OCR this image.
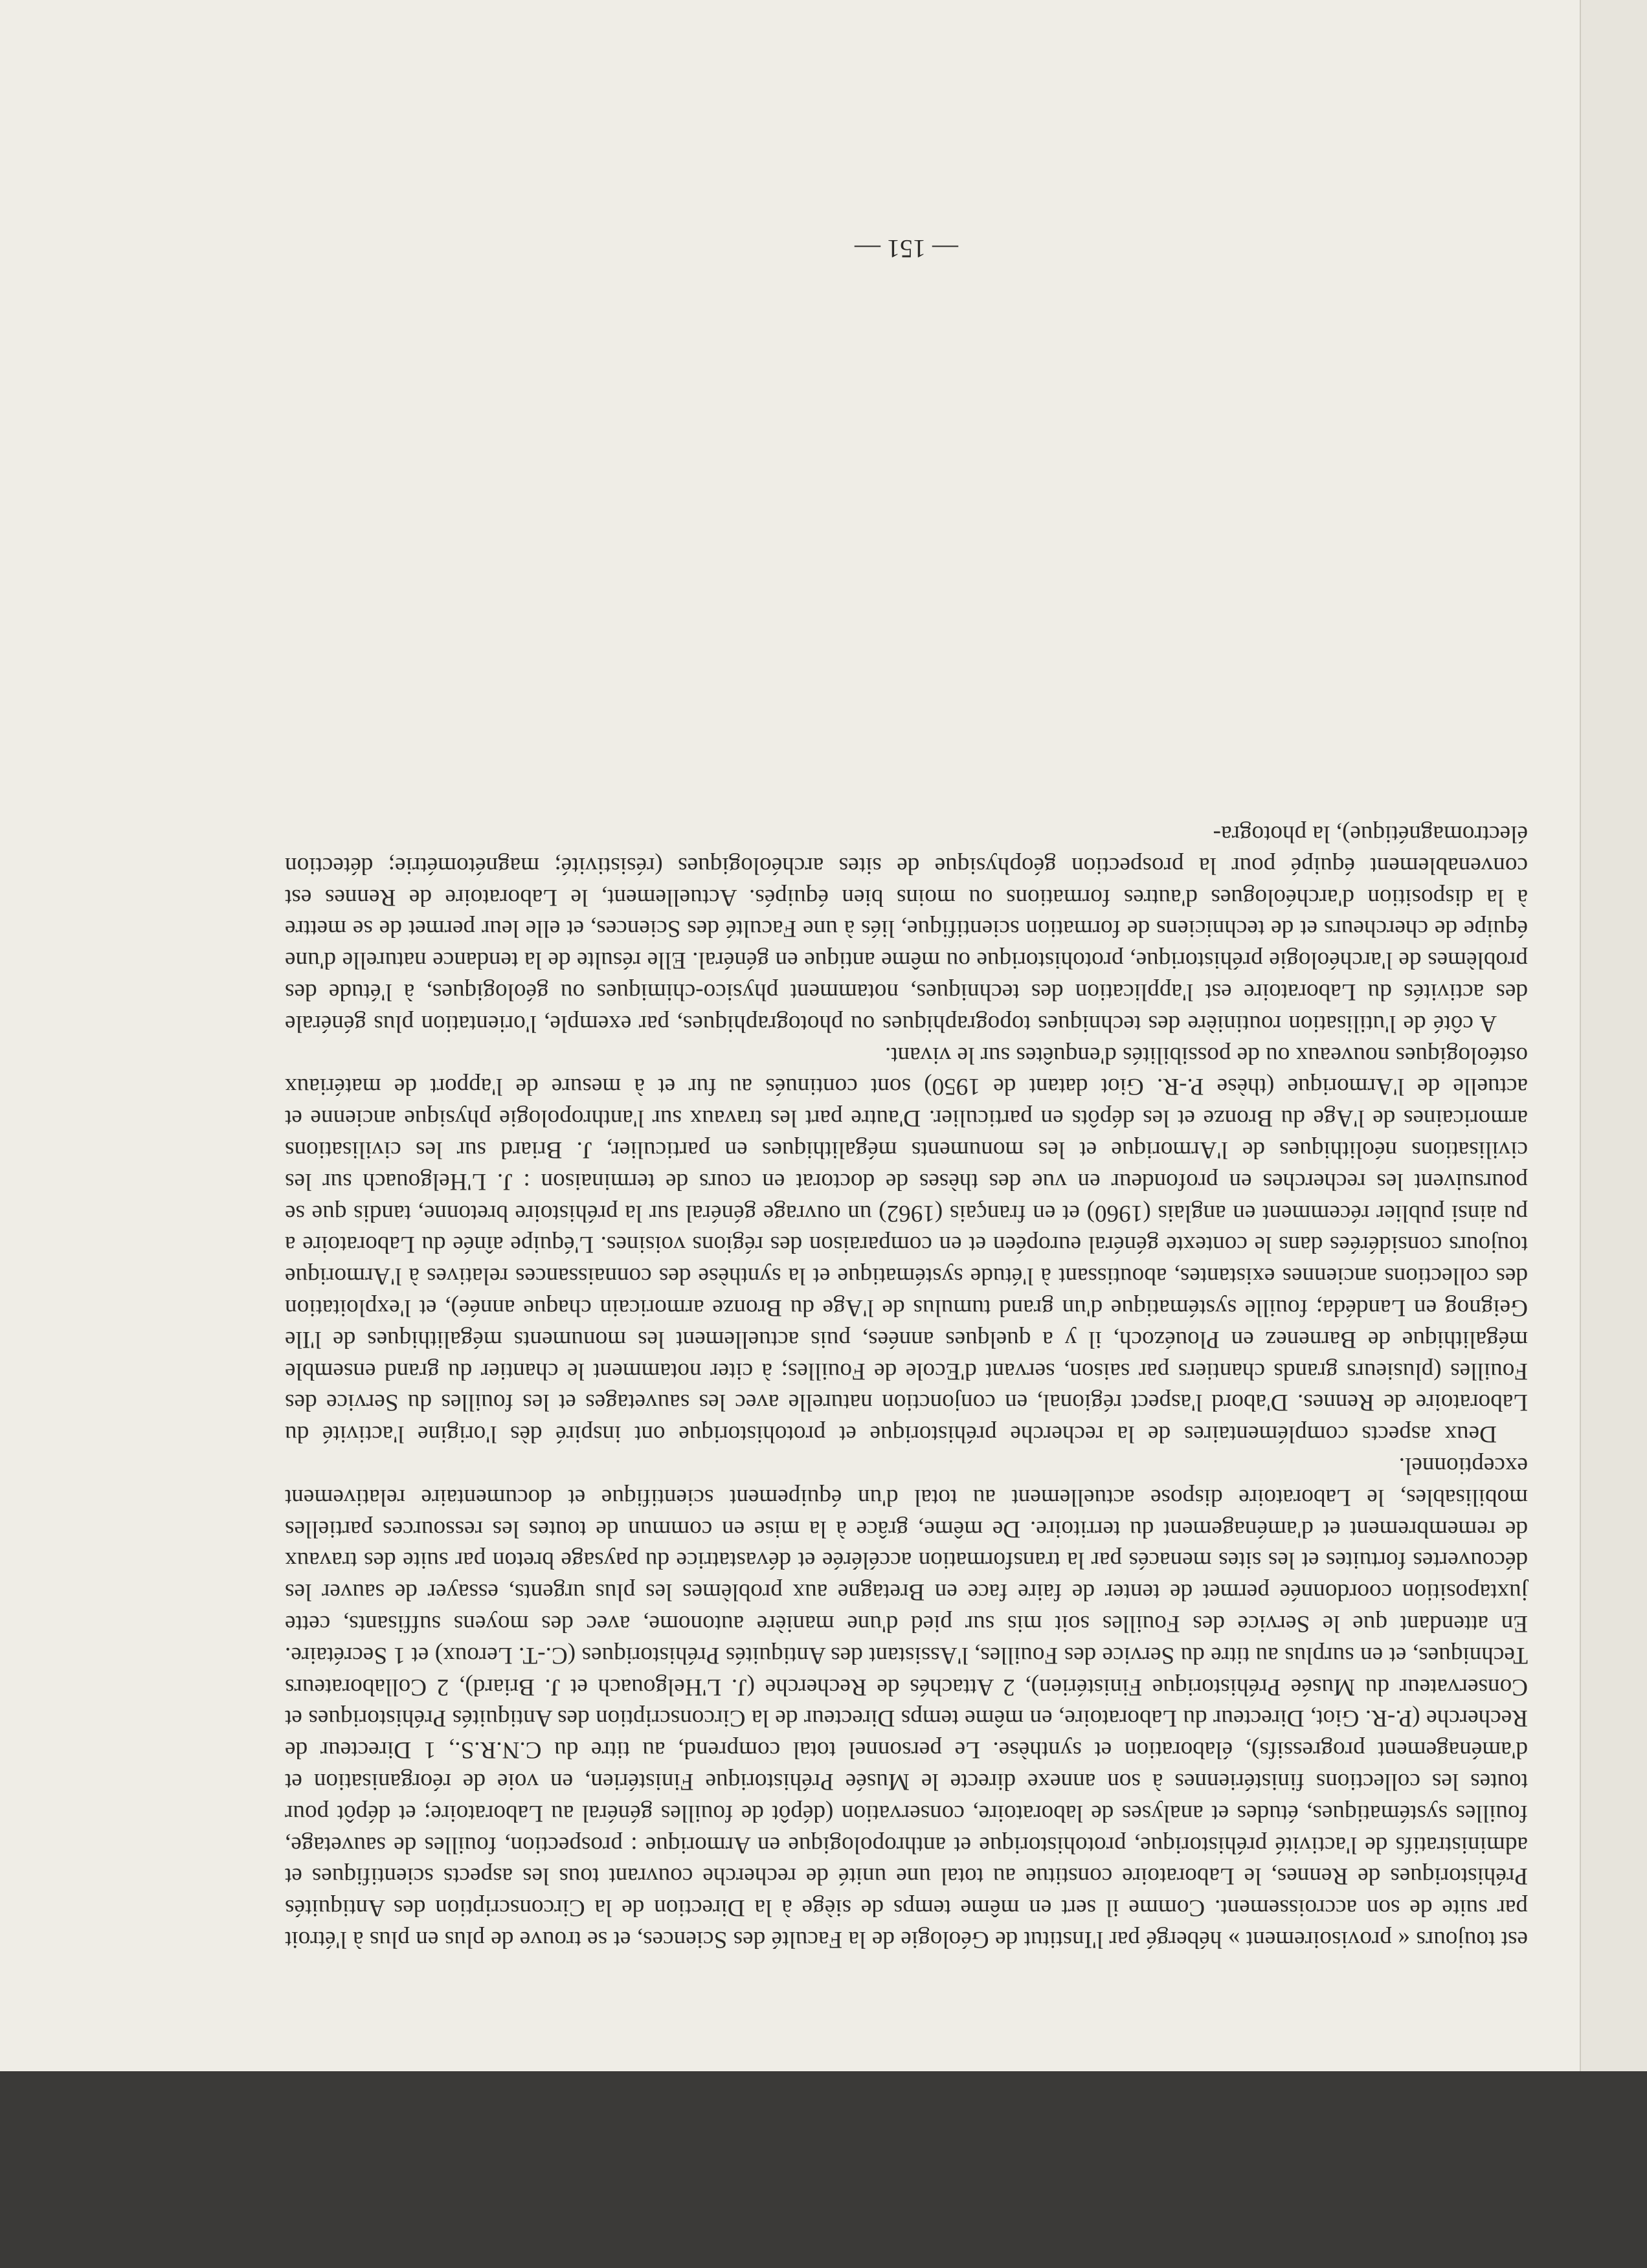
est toujours « provisoirement » hébergé par l'Institut de Géologie de la Faculté des Sciences, et se trouve de plus en plus à l'étroit par suite de son accroissement. Comme il sert en même temps de siège à la Direction de la Circonscription des Antiquités Préhistoriques de Rennes, le Laboratoire constitue au total une unité de recherche couvrant tous les aspects scientifiques et administratifs de l'activité préhistorique, protohistorique et anthropologique en Armorique : prospection, fouilles de sauvetage, fouilles systématiques, études et analyses de laboratoire, conservation (dépôt de fouilles général au Laboratoire; et dépôt pour toutes les collections finistériennes à son annexe directe le Musée Préhistorique Finistérien, en voie de réorganisation et d'aménagement progressifs), élaboration et synthèse. Le personnel total comprend, au titre du C.N.R.S., 1 Directeur de Recherche (P.-R. Giot, Directeur du Laboratoire, en même temps Directeur de la Circonscription des Antiquités Préhistoriques et Conservateur du Musée Préhistorique Finistérien), 2 Attachés de Recherche (J. L'Helgouach et J. Briard), 2 Collaborateurs Techniques, et en surplus au titre du Service des Fouilles, l'Assistant des Antiquités Préhistoriques (C.-T. Leroux) et 1 Secrétaire. En attendant que le Service des Fouilles soit mis sur pied d'une manière autonome, avec des moyens suffisants, cette juxtaposition coordonnée permet de tenter de faire face en Bretagne aux problèmes les plus urgents, essayer de sauver les découvertes fortuites et les sites menacés par la transformation accélérée et dévastatrice du paysage breton par suite des travaux de remembrement et d'aménagement du territoire. De même, grâce à la mise en commun de toutes les ressources partielles mobilisables, le Laboratoire dispose actuellement au total d'un équipement scientifique et documentaire relativement exceptionnel.

Deux aspects complémentaires de la recherche préhistorique et protohistorique ont inspiré dès l'origine l'activité du Laboratoire de Rennes. D'abord l'aspect régional, en conjonction naturelle avec les sauvetages et les fouilles du Service des Fouilles (plusieurs grands chantiers par saison, servant d'Ecole de Fouilles; à citer notamment le chantier du grand ensemble mégalithique de Barnenez en Plouézoch, il y a quelques années, puis actuellement les monuments mégalithiques de l'Ile Geignog en Landéda; fouille systématique d'un grand tumulus de l'Age du Bronze armoricain chaque année), et l'exploitation des collections anciennes existantes, aboutissant à l'étude systématique et la synthèse des connaissances relatives à l'Armorique toujours considérées dans le contexte général européen et en comparaison des régions voisines. L'équipe aînée du Laboratoire a pu ainsi publier récemment en anglais (1960) et en français (1962) un ouvrage général sur la préhistoire bretonne, tandis que se poursuivent les recherches en profondeur en vue des thèses de doctorat en cours de terminaison : J. L'Helgouach sur les civilisations néolithiques de l'Armorique et les monuments mégalithiques en particulier, J. Briard sur les civilisations armoricaines de l'Age du Bronze et les dépôts en particulier. D'autre part les travaux sur l'anthropologie physique ancienne et actuelle de l'Armorique (thèse P.-R. Giot datant de 1950) sont continués au fur et à mesure de l'apport de matériaux ostéologiques nouveaux ou de possibilités d'enquêtes sur le vivant.

A côté de l'utilisation routinière des techniques topographiques ou photographiques, par exemple, l'orientation plus générale des activités du Laboratoire est l'application des techniques, notamment physico-chimiques ou géologiques, à l'étude des problèmes de l'archéologie préhistorique, protohistorique ou même antique en général. Elle résulte de la tendance naturelle d'une équipe de chercheurs et de techniciens de formation scientifique, liés à une Faculté des Sciences, et elle leur permet de se mettre à la disposition d'archéologues d'autres formations ou moins bien équipés. Actuellement, le Laboratoire de Rennes est convenablement équipé pour la prospection géophysique de sites archéologiques (résistivité; magnétométrie; détection électromagnétique), la photogra-

— 151 —
